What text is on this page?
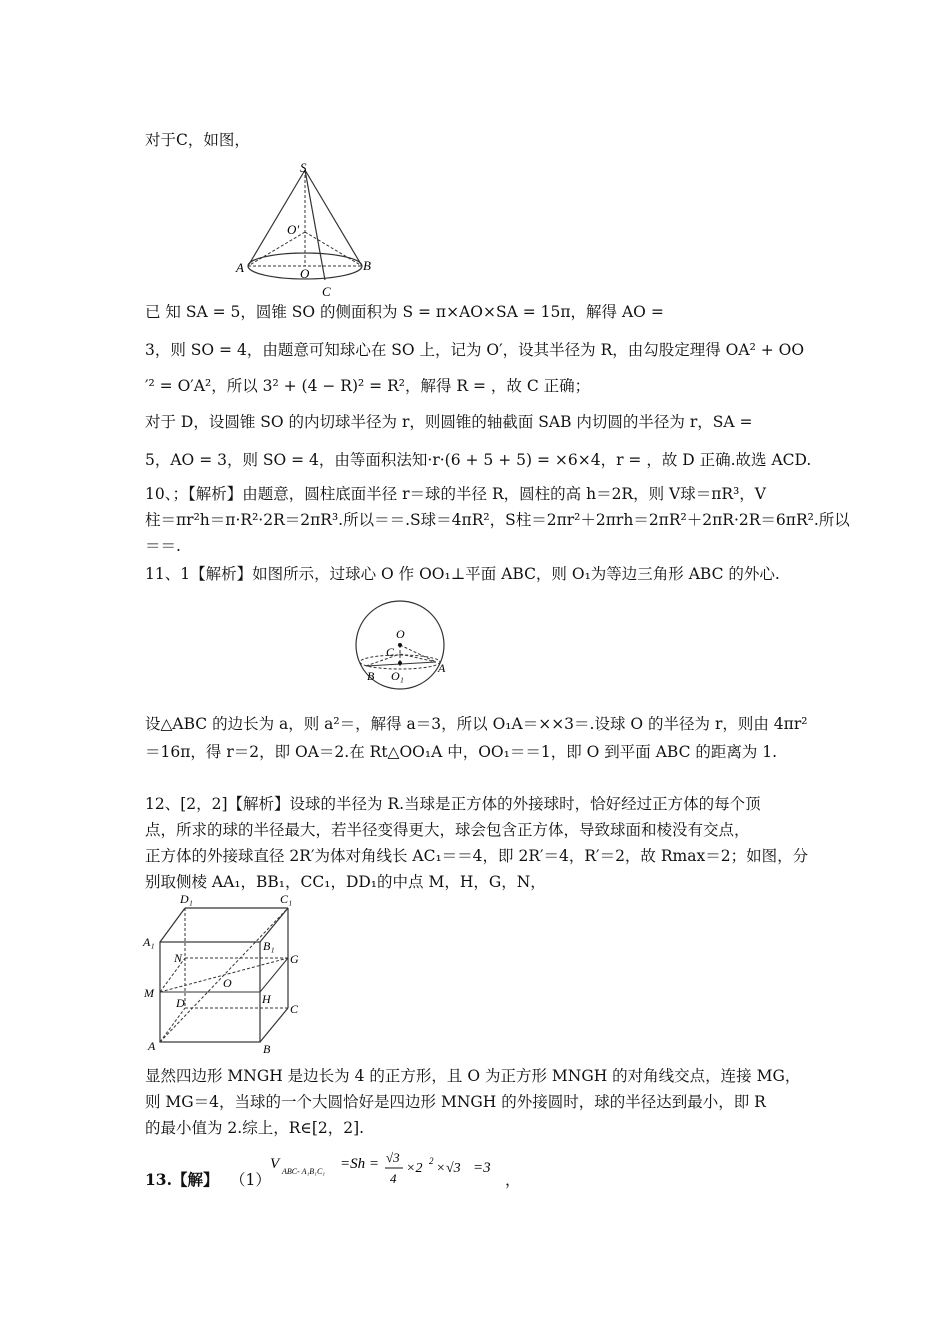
对于C，如图，
S
O′
A	O
B
C
已 知 SA = 5，圆锥 SO 的侧面积为 S = π×AO×SA = 15π，解得 AO =
3，则 SO = 4，由题意可知球心在 SO 上，记为 O′，设其半径为 R，由勾股定理得 OA² + OO
′² = O′A²，所以 3² + (4 − R)² = R²，解得 R = ，故 C 正确；
对于 D，设圆锥 SO 的内切球半径为 r，则圆锥的轴截面 SAB 内切圆的半径为 r，SA =
5，AO = 3，则 SO = 4，由等面积法知·r·(6 + 5 + 5) = ×6×4，r = ，故 D 正确.故选 ACD.
10、；【解析】由题意，圆柱底面半径 r＝球的半径 R，圆柱的高 h＝2R，则 V球＝πR³，V
柱＝πr²h＝π·R²·2R＝2πR³.所以＝＝.S球＝4πR²，S柱＝2πr²＋2πrh＝2πR²＋2πR·2R＝6πR².所以
＝＝.
11、1【解析】如图所示，过球心 O 作 OO₁⊥平面 ABC，则 O₁为等边三角形 ABC 的外心.
O
C
A
B O₁
设△ABC 的边长为 a，则 a²＝，解得 a＝3，所以 O₁A＝××3＝.设球 O 的半径为 r，则由 4πr²
＝16π，得 r＝2，即 OA＝2.在 Rt△OO₁A 中，OO₁＝＝1，即 O 到平面 ABC 的距离为 1.
12、[2，2]【解析】设球的半径为 R.当球是正方体的外接球时，恰好经过正方体的每个顶
点，所求的球的半径最大，若半径变得更大，球会包含正方体，导致球面和棱没有交点，
正方体的外接球直径 2R′为体对角线长 AC₁＝＝4，即 2R′＝4，R′＝2，故 Rmax＝2；如图，分
别取侧棱 AA₁，BB₁，CC₁，DD₁的中点 M，H，G，N，
D₁	C₁
A₁	B₁
N	G
M
O
D	H
C
A	B
显然四边形 MNGH 是边长为 4 的正方形，且 O 为正方形 MNGH 的对角线交点，连接 MG，
则 MG＝4，当球的一个大圆恰好是四边形 MNGH 的外接圆时，球的半径达到最小，即 R
的最小值为 2.综上，R∈[2，2].
13.【解】 （1）
V ABC- A₁B₁C₁ =Sh = √3
4
×2 2 × √3 =3
，
